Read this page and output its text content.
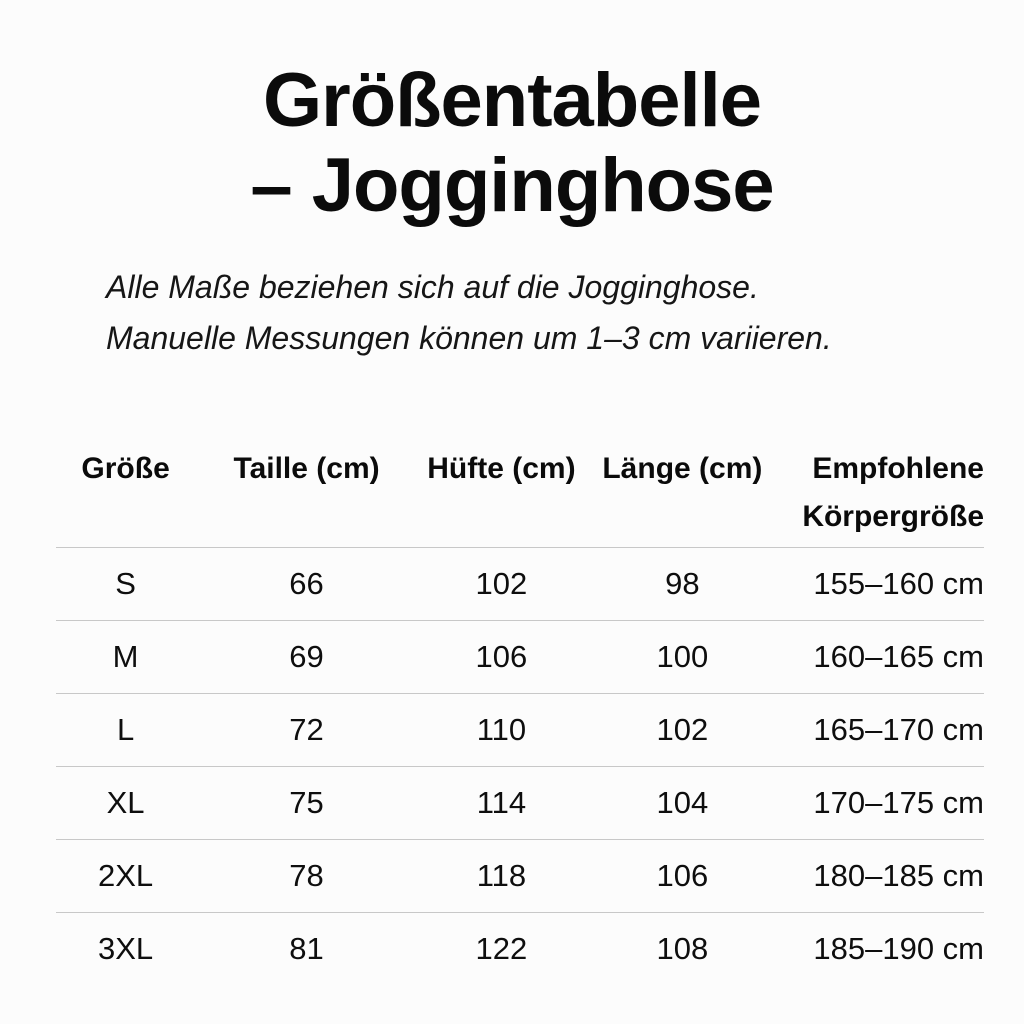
Größentabelle
– Jogginghose
Alle Maße beziehen sich auf die Jogginghose.
Manuelle Messungen können um 1–3 cm variieren.
Größe	Taille (cm)	Hüfte (cm)	Länge (cm)	Empfohlene
Körpergröße

S	66	102	98	155–160 cm
M	69	106	100	160–165 cm
L	72	110	102	165–170 cm
XL	75	114	104	170–175 cm
2XL	78	118	106	180–185 cm
3XL	81	122	108	185–190 cm
